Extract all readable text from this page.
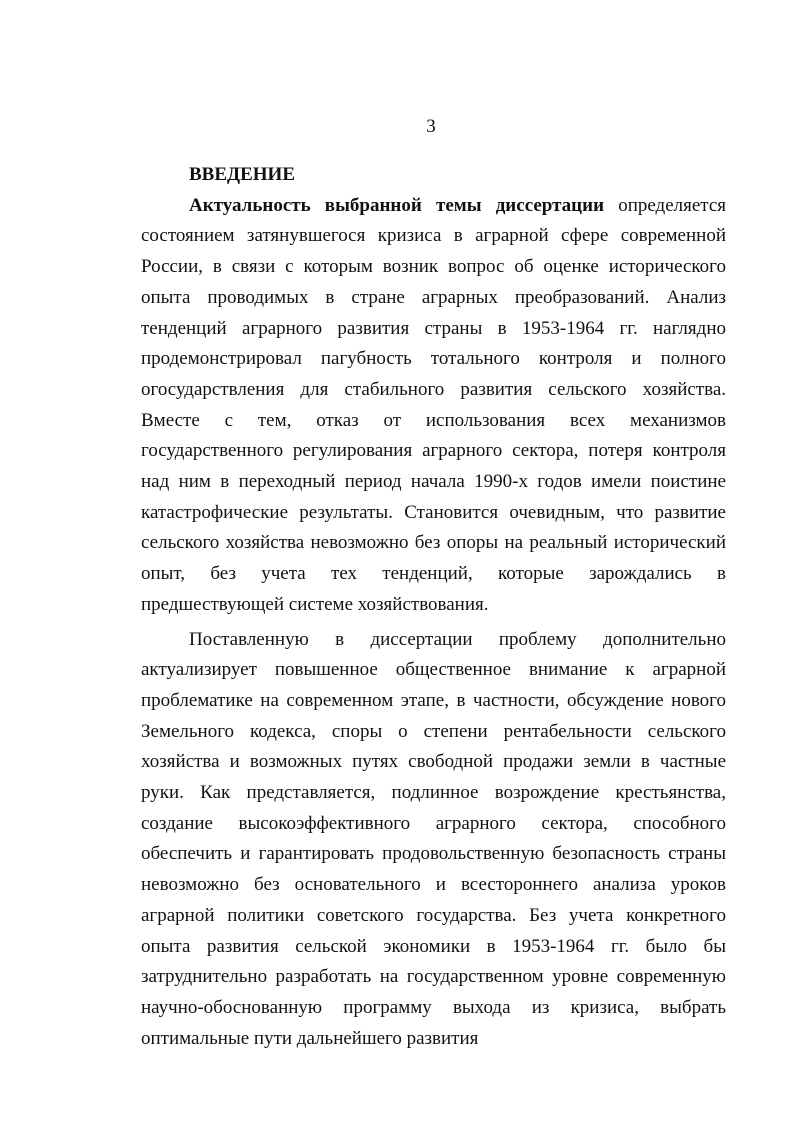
3
ВВЕДЕНИЕ

Актуальность выбранной темы диссертации определяется состоянием затянувшегося кризиса в аграрной сфере современной России, в связи с которым возник вопрос об оценке исторического опыта проводимых в стране аграрных преобразований. Анализ тенденций аграрного развития страны в 1953-1964 гг. наглядно продемонстрировал пагубность тотального контроля и полного огосударствления для стабильного развития сельского хозяйства. Вместе с тем, отказ от использования всех механизмов государственного регулирования аграрного сектора, потеря контроля над ним в переходный период начала 1990-х годов имели поистине катастрофические результаты. Становится очевидным, что развитие сельского хозяйства невозможно без опоры на реальный исторический опыт, без учета тех тенденций, которые зарождались в предшествующей системе хозяйствования.

Поставленную в диссертации проблему дополнительно актуализирует повышенное общественное внимание к аграрной проблематике на современном этапе, в частности, обсуждение нового Земельного кодекса, споры о степени рентабельности сельского хозяйства и возможных путях свободной продажи земли в частные руки. Как представляется, подлинное возрождение крестьянства, создание высокоэффективного аграрного сектора, способного обеспечить и гарантировать продовольственную безопасность страны невозможно без основательного и всестороннего анализа уроков аграрной политики советского государства. Без учета конкретного опыта развития сельской экономики в 1953-1964 гг. было бы затруднительно разработать на государственном уровне современную научно-обоснованную программу выхода из кризиса, выбрать оптимальные пути дальнейшего развития
